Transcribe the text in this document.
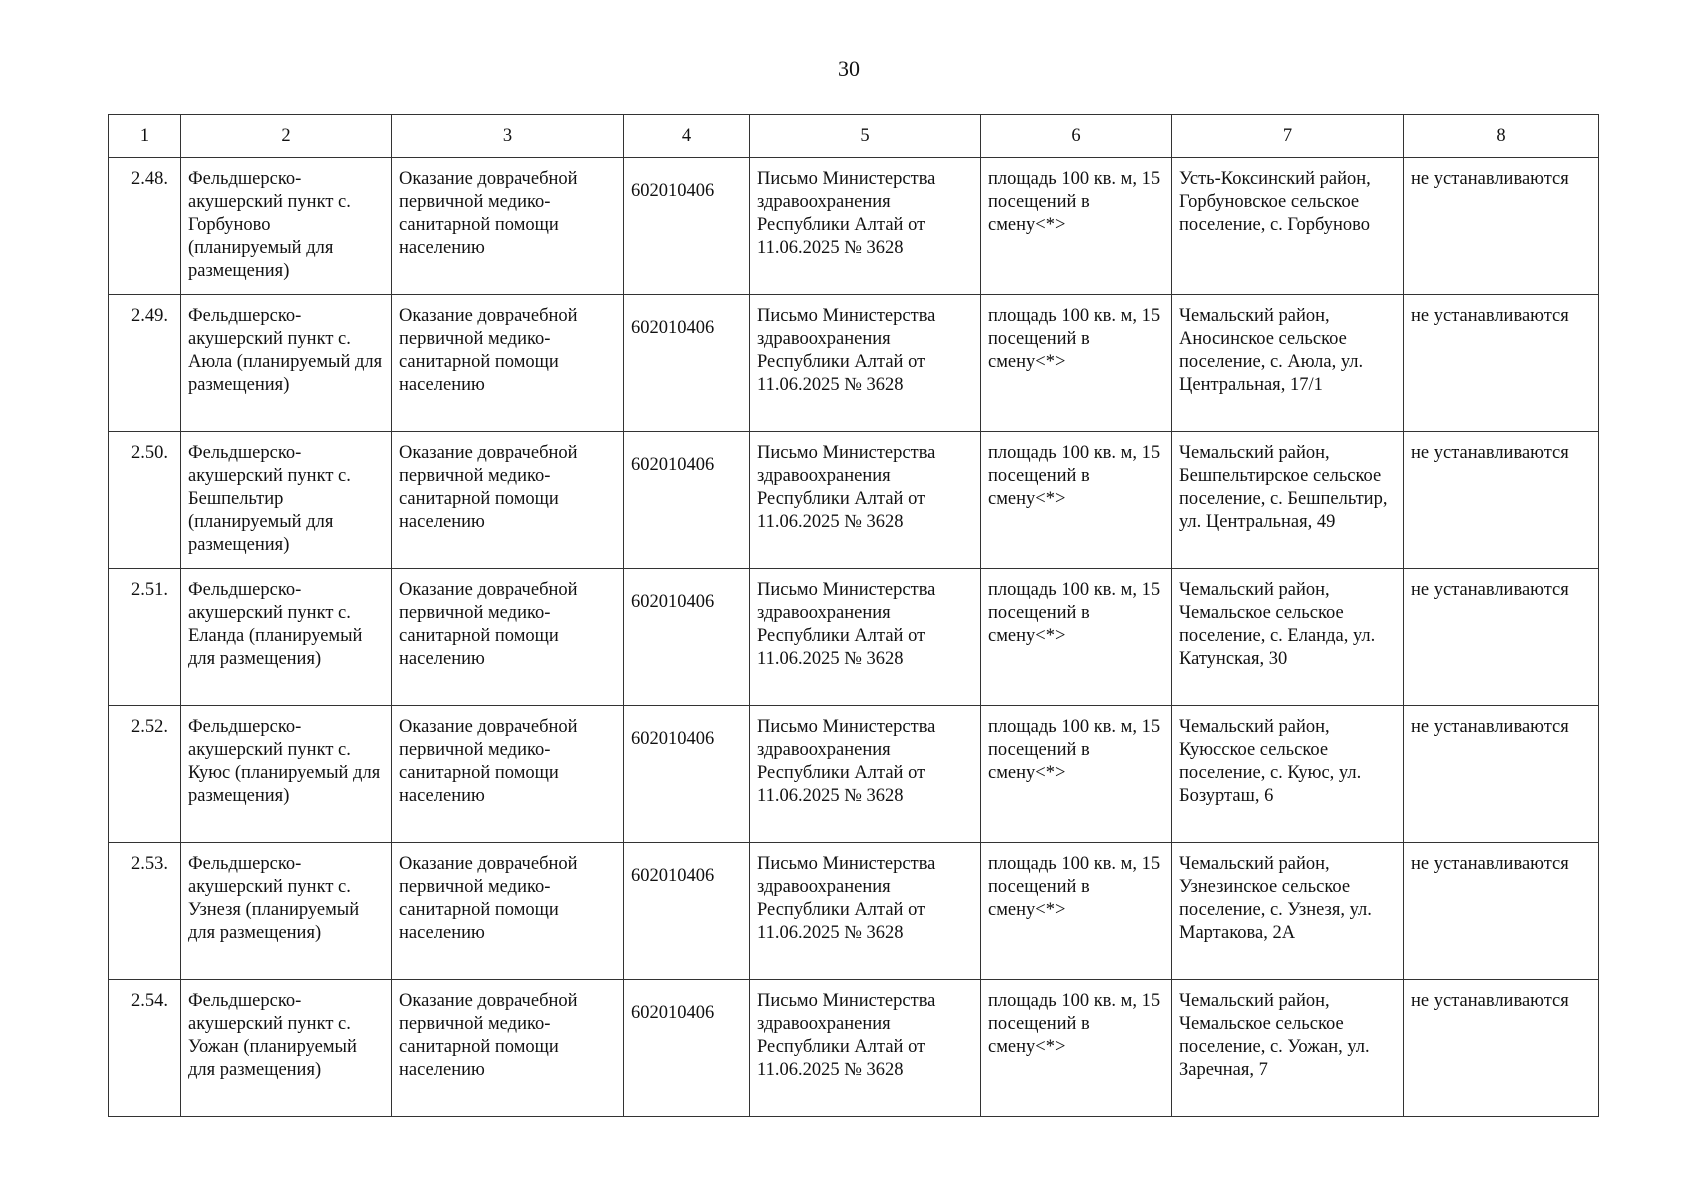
30
1	2	3	4	5	6	7	8
2.48.	Фельдшерско-акушерский пункт с. Горбуново (планируемый для размещения)	Оказание доврачебной первичной медико-санитарной помощи населению	602010406	Письмо Министерства здравоохранения Республики Алтай от 11.06.2025 № 3628	площадь 100 кв. м, 15 посещений в смену<*>	Усть-Коксинский район, Горбуновское сельское поселение, с. Горбуново	не устанавливаются
2.49.	Фельдшерско-акушерский пункт с. Аюла (планируемый для размещения)	Оказание доврачебной первичной медико-санитарной помощи населению	602010406	Письмо Министерства здравоохранения Республики Алтай от 11.06.2025 № 3628	площадь 100 кв. м, 15 посещений в смену<*>	Чемальский район, Аносинское сельское поселение, с. Аюла, ул. Центральная, 17/1	не устанавливаются
2.50.	Фельдшерско-акушерский пункт с. Бешпельтир (планируемый для размещения)	Оказание доврачебной первичной медико-санитарной помощи населению	602010406	Письмо Министерства здравоохранения Республики Алтай от 11.06.2025 № 3628	площадь 100 кв. м, 15 посещений в смену<*>	Чемальский район, Бешпельтирское сельское поселение, с. Бешпельтир, ул. Центральная, 49	не устанавливаются
2.51.	Фельдшерско-акушерский пункт с. Еланда (планируемый для размещения)	Оказание доврачебной первичной медико-санитарной помощи населению	602010406	Письмо Министерства здравоохранения Республики Алтай от 11.06.2025 № 3628	площадь 100 кв. м, 15 посещений в смену<*>	Чемальский район, Чемальское сельское поселение, с. Еланда, ул. Катунская, 30	не устанавливаются
2.52.	Фельдшерско-акушерский пункт с. Куюс (планируемый для размещения)	Оказание доврачебной первичной медико-санитарной помощи населению	602010406	Письмо Министерства здравоохранения Республики Алтай от 11.06.2025 № 3628	площадь 100 кв. м, 15 посещений в смену<*>	Чемальский район, Куюсское сельское поселение, с. Куюс, ул. Бозурташ, 6	не устанавливаются
2.53.	Фельдшерско-акушерский пункт с. Узнезя (планируемый для размещения)	Оказание доврачебной первичной медико-санитарной помощи населению	602010406	Письмо Министерства здравоохранения Республики Алтай от 11.06.2025 № 3628	площадь 100 кв. м, 15 посещений в смену<*>	Чемальский район, Узнезинское сельское поселение, с. Узнезя, ул. Мартакова, 2А	не устанавливаются
2.54.	Фельдшерско-акушерский пункт с. Уожан (планируемый для размещения)	Оказание доврачебной первичной медико-санитарной помощи населению	602010406	Письмо Министерства здравоохранения Республики Алтай от 11.06.2025 № 3628	площадь 100 кв. м, 15 посещений в смену<*>	Чемальский район, Чемальское сельское поселение, с. Уожан, ул. Заречная, 7	не устанавливаются
